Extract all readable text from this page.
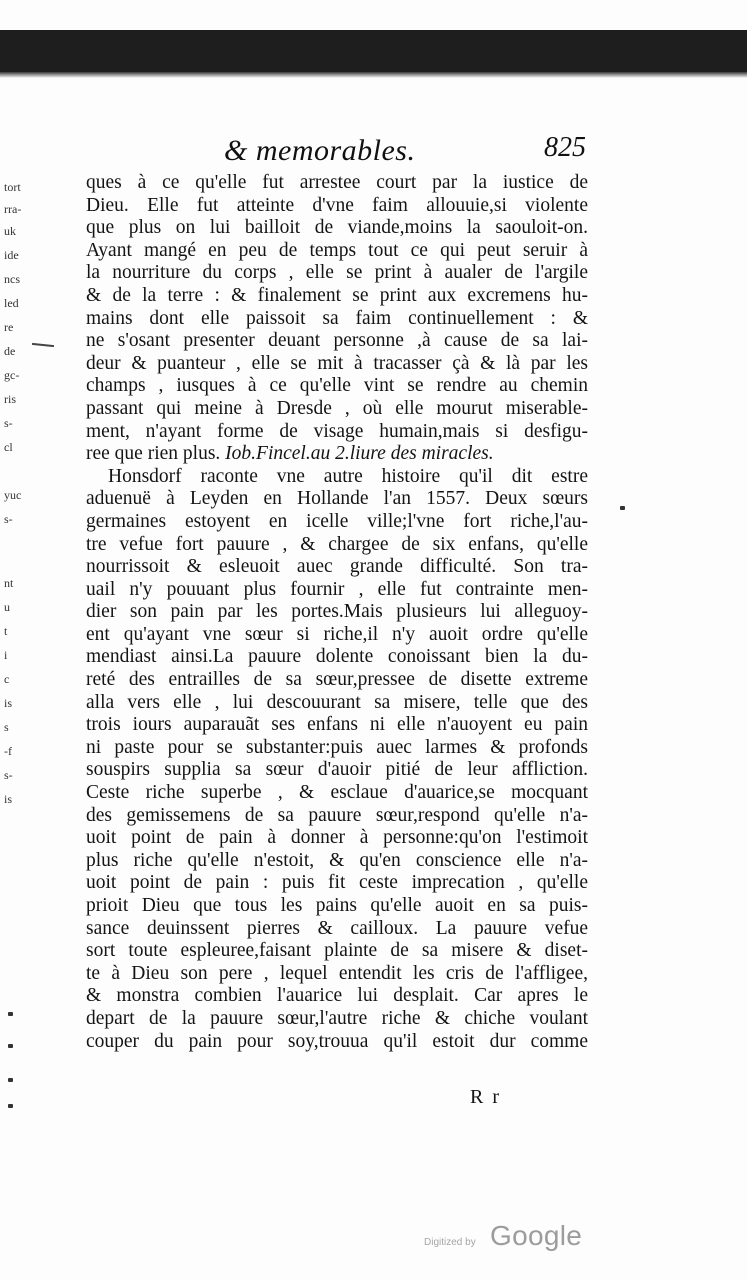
tort
rra-
uk
ide
ncs
led
re
de
gc-
ris
s-
cl
yuc
s-
nt
u
t
i
c
is
s
-f
s-
is
& memorables.	825
ques à ce qu'elle fut arrestee court par la iustice de
Dieu. Elle fut atteinte d'vne faim allouuie,si violente
que plus on lui bailloit de viande,moins la saouloit-on.
Ayant mangé en peu de temps tout ce qui peut seruir à
la nourriture du corps , elle se print à aualer de l'argile
& de la terre : & finalement se print aux excremens hu-
mains dont elle paissoit sa faim continuellement : &
ne s'osant presenter deuant personne ,à cause de sa lai-
deur & puanteur , elle se mit à tracasser çà & là par les
champs , iusques à ce qu'elle vint se rendre au chemin
passant qui meine à Dresde , où elle mourut miserable-
ment, n'ayant forme de visage humain,mais si desfigu-
ree que rien plus. Iob.Fincel.au 2.liure des miracles.
Honsdorf raconte vne autre histoire qu'il dit estre
aduenuë à Leyden en Hollande l'an 1557. Deux sœurs
germaines estoyent en icelle ville;l'vne fort riche,l'au-
tre vefue fort pauure , & chargee de six enfans, qu'elle
nourrissoit & esleuoit auec grande difficulté. Son tra-
uail n'y pouuant plus fournir , elle fut contrainte men-
dier son pain par les portes.Mais plusieurs lui alleguoy-
ent qu'ayant vne sœur si riche,il n'y auoit ordre qu'elle
mendiast ainsi.La pauure dolente conoissant bien la du-
reté des entrailles de sa sœur,pressee de disette extreme
alla vers elle , lui descouurant sa misere, telle que des
trois iours auparauãt ses enfans ni elle n'auoyent eu pain
ni paste pour se substanter:puis auec larmes & profonds
souspirs supplia sa sœur d'auoir pitié de leur affliction.
Ceste riche superbe , & esclaue d'auarice,se mocquant
des gemissemens de sa pauure sœur,respond qu'elle n'a-
uoit point de pain à donner à personne:qu'on l'estimoit
plus riche qu'elle n'estoit, & qu'en conscience elle n'a-
uoit point de pain : puis fit ceste imprecation , qu'elle
prioit Dieu que tous les pains qu'elle auoit en sa puis-
sance deuinssent pierres & cailloux. La pauure vefue
sort toute espleuree,faisant plainte de sa misere & diset-
te à Dieu son pere , lequel entendit les cris de l'affligee,
& monstra combien l'auarice lui desplait. Car apres le
depart de la pauure sœur,l'autre riche & chiche voulant
couper du pain pour soy,trouua qu'il estoit dur comme
R r
Digitized by Google
